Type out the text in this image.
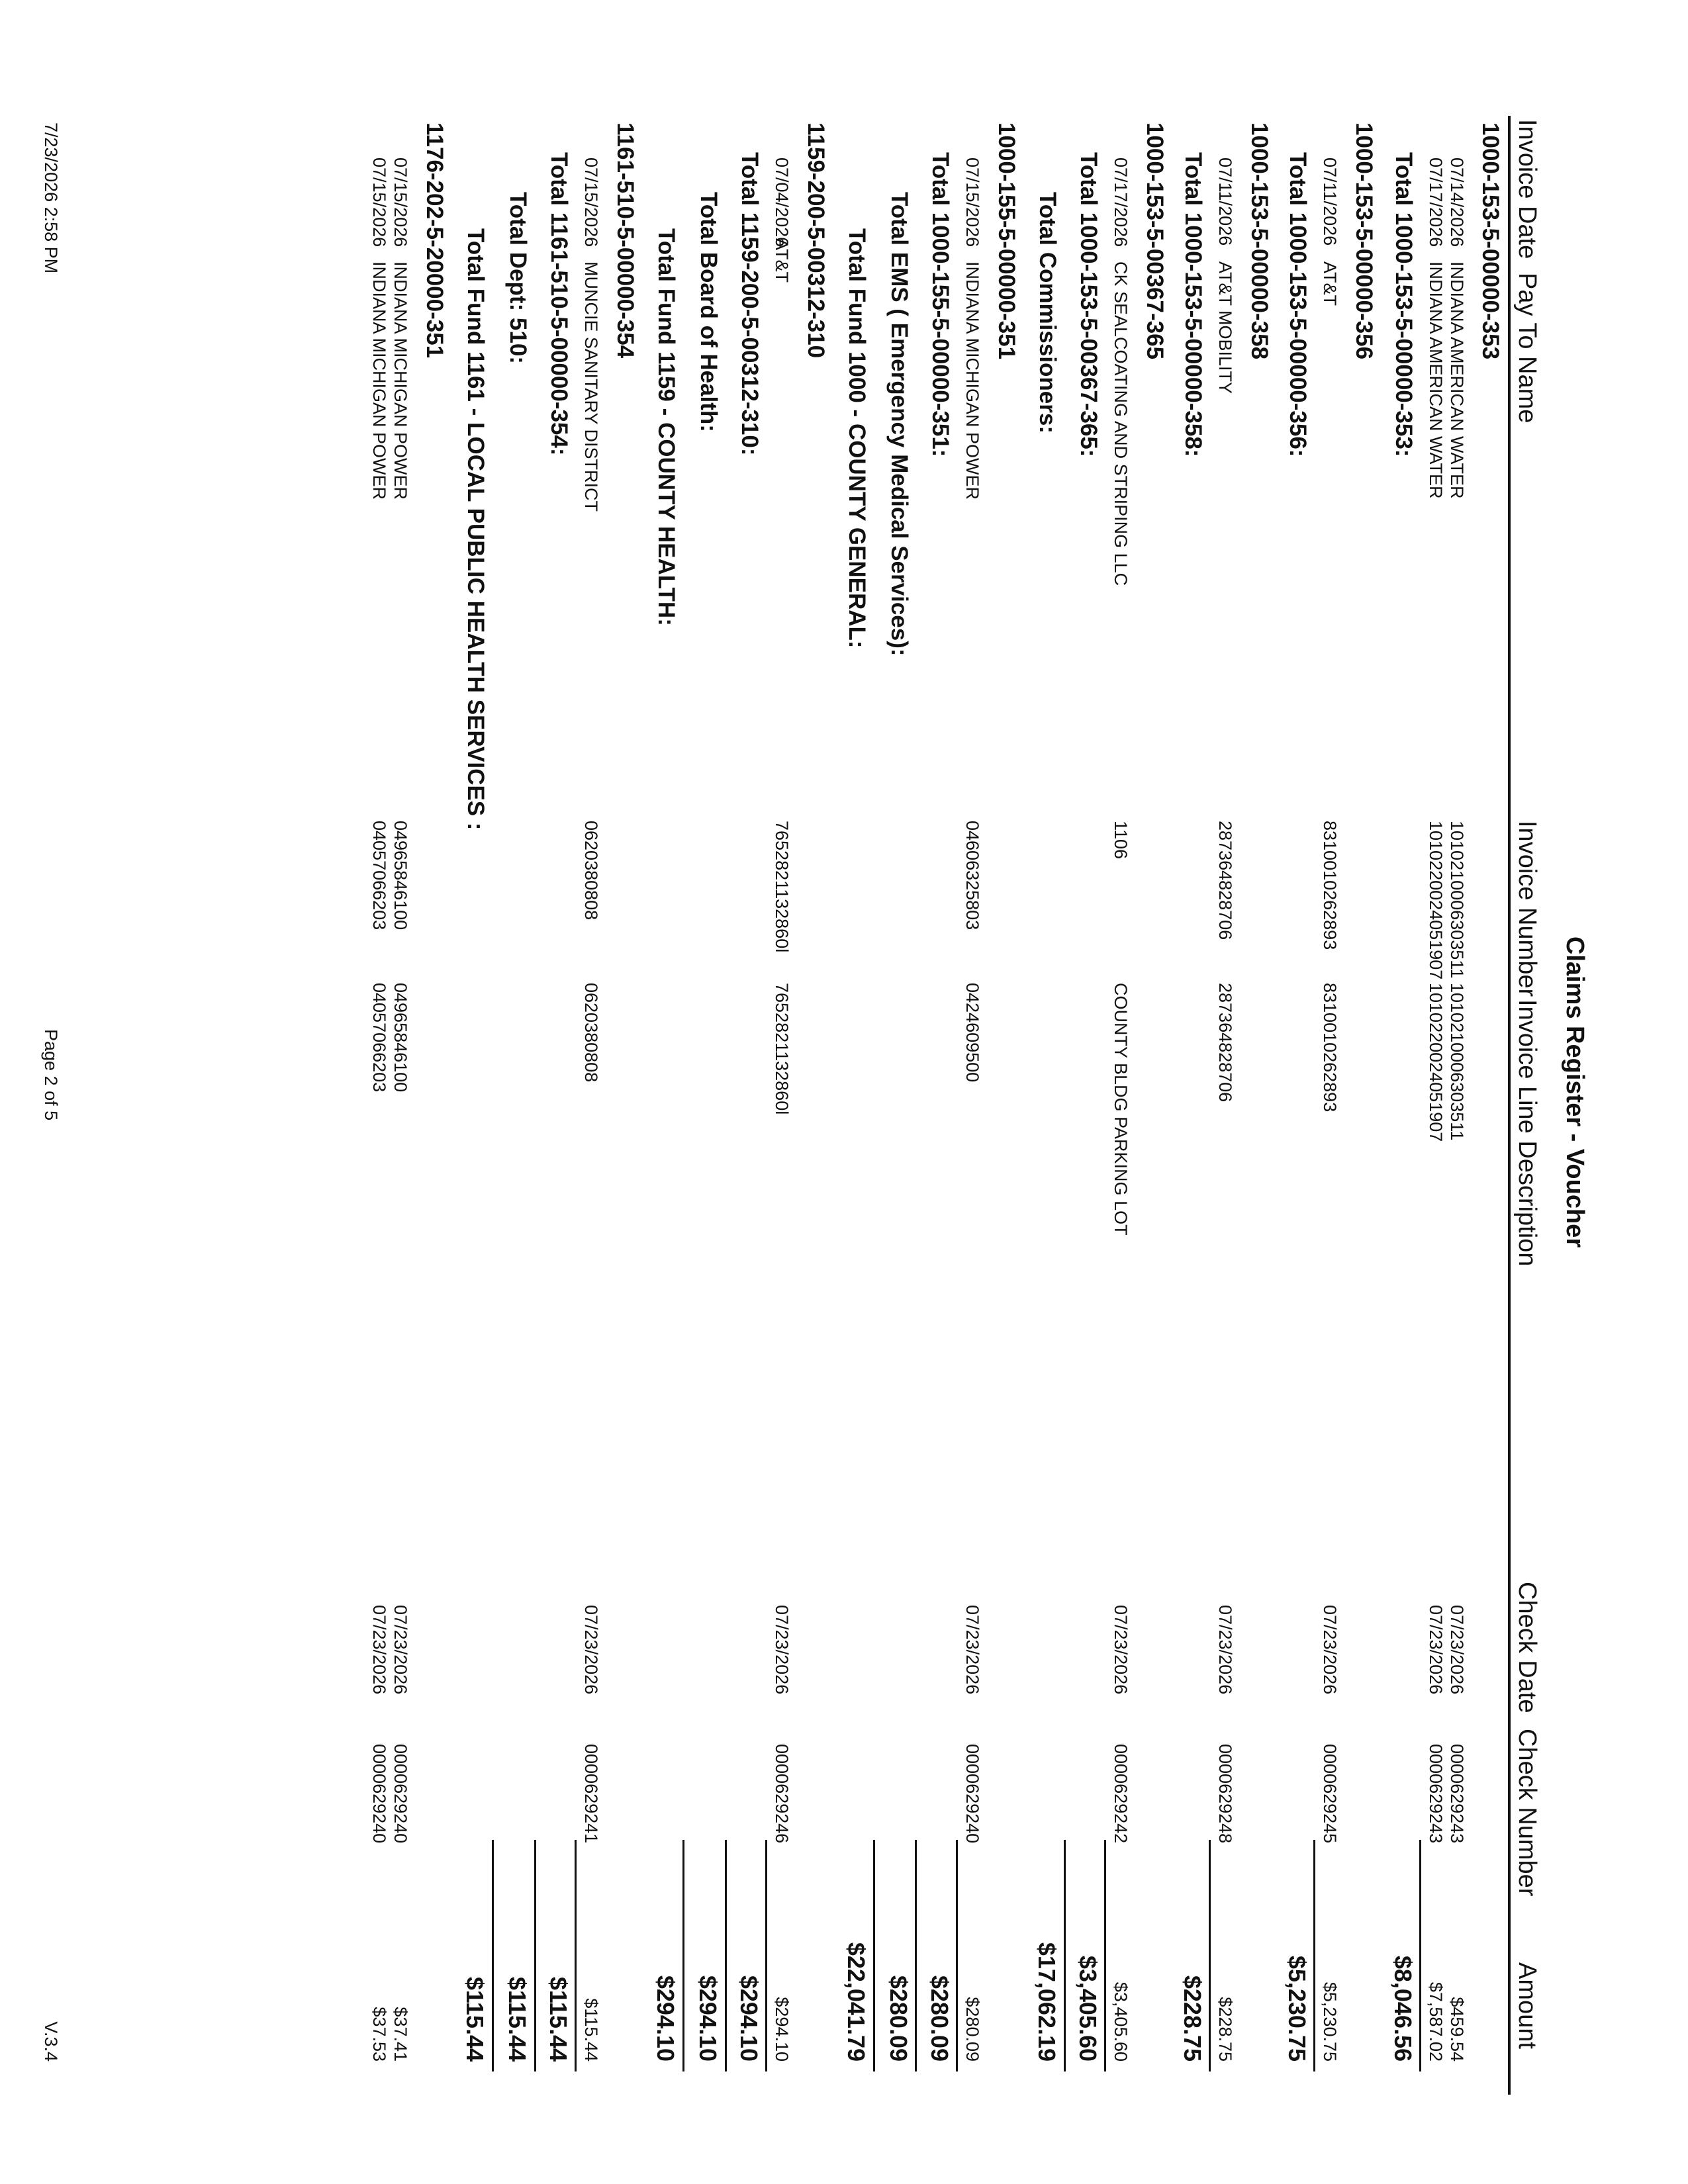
Claims Register - Voucher
Invoice Date
Pay To Name
Invoice Number
Invoice Line Description
Check Date
Check Number
Amount
1000-153-5-00000-353
07/14/2026
INDIANA AMERICAN WATER
1010210006303511
1010210006303511
07/23/2026
0000629243
$459.54
07/17/2026
INDIANA AMERICAN WATER
1010220024051907
1010220024051907
07/23/2026
0000629243
$7,587.02
Total 1000-153-5-00000-353:
$8,046.56
1000-153-5-00000-356
07/11/2026
AT&T
8310010262893
8310010262893
07/23/2026
0000629245
$5,230.75
Total 1000-153-5-00000-356:
$5,230.75
1000-153-5-00000-358
07/11/2026
AT&T MOBILITY
287364828706
287364828706
07/23/2026
0000629248
$228.75
Total 1000-153-5-00000-358:
$228.75
1000-153-5-00367-365
07/17/2026
CK SEALCOATING AND STRIPING LLC
1106
COUNTY BLDG PARKING LOT
07/23/2026
0000629242
$3,405.60
Total 1000-153-5-00367-365:
$3,405.60
Total Commissioners:
$17,062.19
1000-155-5-00000-351
07/15/2026
INDIANA MICHIGAN POWER
04606325803
0424609500
07/23/2026
0000629240
$280.09
Total 1000-155-5-00000-351:
$280.09
Total EMS ( Emergency Medical Services):
$280.09
Total Fund 1000 - COUNTY GENERAL:
$22,041.79
1159-200-5-00312-310
07/04/2026
AT&T
7652821132860l
7652821132860l
07/23/2026
0000629246
$294.10
Total 1159-200-5-00312-310:
$294.10
Total Board of Health:
$294.10
Total Fund 1159 - COUNTY HEALTH:
$294.10
1161-510-5-00000-354
07/15/2026
MUNCIE SANITARY DISTRICT
0620380808
0620380808
07/23/2026
0000629241
$115.44
Total 1161-510-5-00000-354:
$115.44
Total Dept: 510:
$115.44
Total Fund 1161 - LOCAL PUBLIC HEALTH SERVICES :
$115.44
1176-202-5-20000-351
07/15/2026
INDIANA MICHIGAN POWER
04965846100
04965846100
07/23/2026
0000629240
$37.41
07/15/2026
INDIANA MICHIGAN POWER
04057066203
04057066203
07/23/2026
0000629240
$37.53
7/23/2026 2:58 PM
Page 2 of 5
V.3.4
